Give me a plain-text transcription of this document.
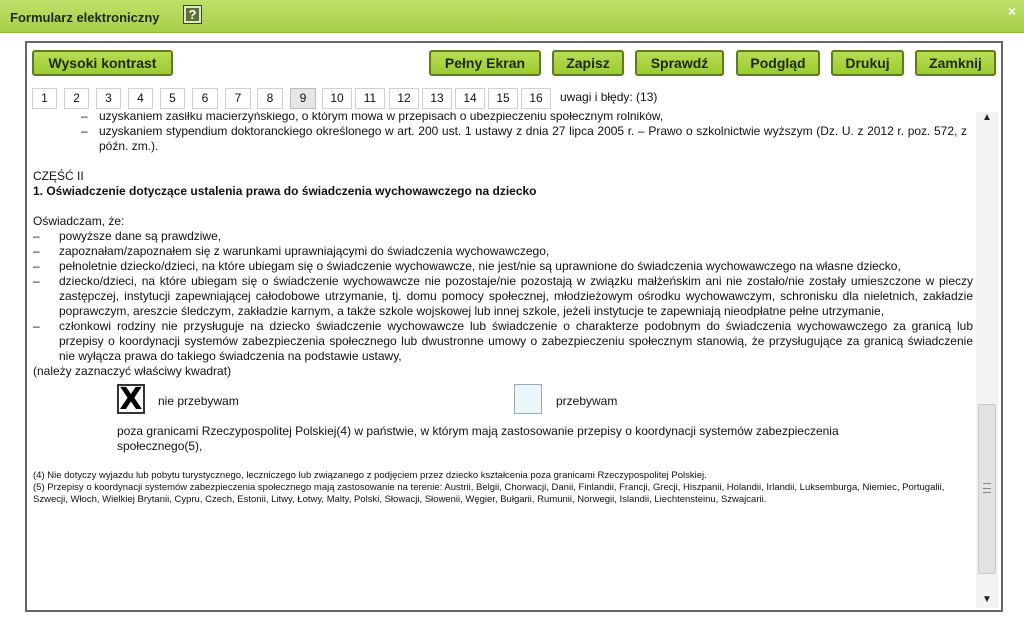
Formularz elektroniczny	?	×
Wysoki kontrast	Pełny Ekran	Zapisz	Sprawdź	Podgląd	Drukuj	Zamknij
1	2	3	4	5	6	7	8	9	10	11	12	13	14	15	16	uwagi i błędy: (13)
– uzyskaniem zasiłku macierzyńskiego, o którym mowa w przepisach o ubezpieczeniu społecznym rolników,
– uzyskaniem stypendium doktoranckiego określonego w art. 200 ust. 1 ustawy z dnia 27 lipca 2005 r. – Prawo o szkolnictwie wyższym (Dz. U. z 2012 r. poz. 572, z późn. zm.).
CZĘŚĆ II
1. Oświadczenie dotyczące ustalenia prawa do świadczenia wychowawczego na dziecko
Oświadczam, że:
– powyższe dane są prawdziwe,
– zapoznałam/zapoznałem się z warunkami uprawniającymi do świadczenia wychowawczego,
– pełnoletnie dziecko/dzieci, na które ubiegam się o świadczenie wychowawcze, nie jest/nie są uprawnione do świadczenia wychowawczego na własne dziecko,
– dziecko/dzieci, na które ubiegam się o świadczenie wychowawcze nie pozostaje/nie pozostają w związku małżeńskim ani nie zostało/nie zostały umieszczone w pieczy zastępczej, instytucji zapewniającej całodobowe utrzymanie, tj. domu pomocy społecznej, młodzieżowym ośrodku wychowawczym, schronisku dla nieletnich, zakładzie poprawczym, areszcie śledczym, zakładzie karnym, a także szkole wojskowej lub innej szkole, jeżeli instytucje te zapewniają nieodpłatne pełne utrzymanie,
– członkowi rodziny nie przysługuje na dziecko świadczenie wychowawcze lub świadczenie o charakterze podobnym do świadczenia wychowawczego za granicą lub przepisy o koordynacji systemów zabezpieczenia społecznego lub dwustronne umowy o zabezpieczeniu społecznym stanowią, że przysługujące za granicą świadczenie nie wyłącza prawa do takiego świadczenia na podstawie ustawy,
(należy zaznaczyć właściwy kwadrat)
X nie przebywam	przebywam
poza granicami Rzeczypospolitej Polskiej(4) w państwie, w którym mają zastosowanie przepisy o koordynacji systemów zabezpieczenia społecznego(5),
(4) Nie dotyczy wyjazdu lub pobytu turystycznego, leczniczego lub związanego z podjęciem przez dziecko kształcenia poza granicami Rzeczypospolitej Polskiej.
(5) Przepisy o koordynacji systemów zabezpieczenia społecznego mają zastosowanie na terenie: Austrii, Belgii, Chorwacji, Danii, Finlandii, Francji, Grecji, Hiszpanii, Holandii, Irlandii, Luksemburga, Niemiec, Portugalii, Szwecji, Włoch, Wielkiej Brytanii, Cypru, Czech, Estonii, Litwy, Łotwy, Malty, Polski, Słowacji, Słowenii, Węgier, Bułgarii, Rumunii, Norwegii, Islandii, Liechtensteinu, Szwajcarii.
▲
▼
